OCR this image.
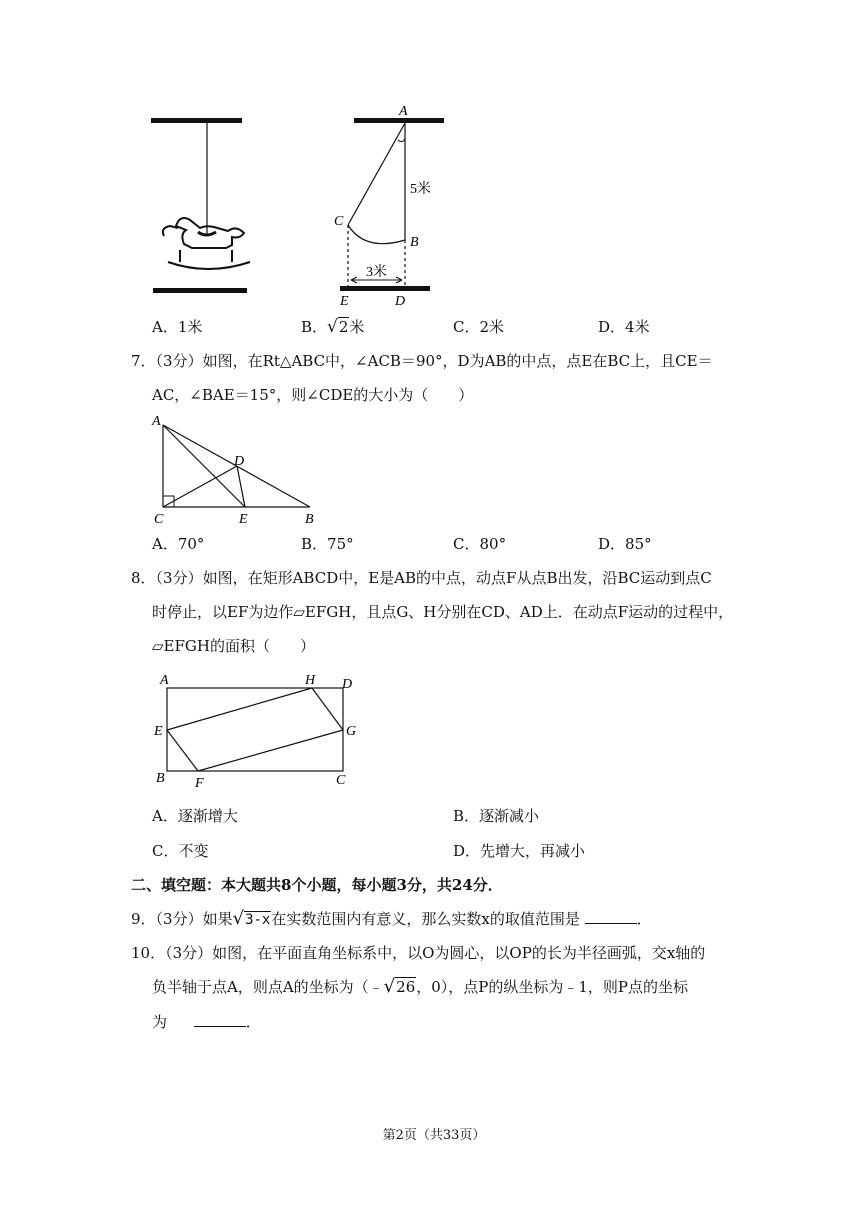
A
C
B
E	D
5米
3米
A．1米	B．√2米	C．2米	D．4米
7．（3分）如图，在Rt△ABC中，∠ACB＝90°，D为AB的中点，点E在BC上，且CE＝
AC，∠BAE＝15°，则∠CDE的大小为（　　）
A
D
C	E	B
A．70°	B．75°	C．80°	D．85°
8．（3分）如图，在矩形ABCD中，E是AB的中点，动点F从点B出发，沿BC运动到点C
时停止，以EF为边作▱EFGH，且点G、H分别在CD、AD上．在动点F运动的过程中，
▱EFGH的面积（　　）
A	H D
E	G
B F	C
A．逐渐增大	B．逐渐减小
C．不变	D．先增大，再减小
二、填空题：本大题共8个小题，每小题3分，共24分．
9．（3分）如果√3-x在实数范围内有意义，那么实数x的取值范围是	．
10．（3分）如图，在平面直角坐标系中，以O为圆心，以OP的长为半径画弧，交x轴的
负半轴于点A，则点A的坐标为（﹣√26，0），点P的纵坐标为﹣1，则P点的坐标
为	．
第2页（共33页）
